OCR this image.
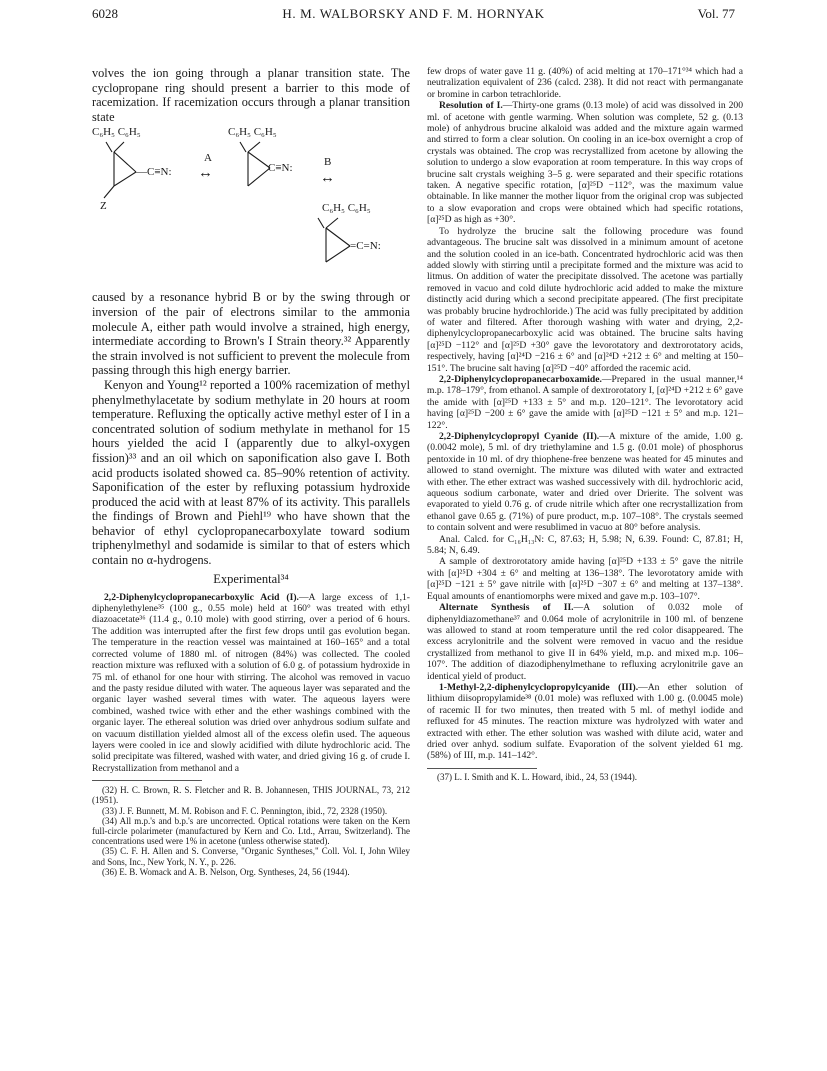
6028	H. M. WALBORSKY AND F. M. HORNYAK	Vol. 77

volves the ion going through a planar transition state. The cyclopropane ring should present a barrier to this mode of racemization. If racemization occurs through a planar transition state

C₆H₅ C₆H₅	C₆H₅ C₆H₅
C₆H₅ C₆H₅
—C≡N:	C≡N:
=C=N:
Z
A
↔
B
↔

caused by a resonance hybrid B or by the swing through or inversion of the pair of electrons similar to the ammonia molecule A, either path would involve a strained, high energy, intermediate according to Brown's I Strain theory.³² Apparently the strain involved is not sufficient to prevent the molecule from passing through this high energy barrier.

Kenyon and Young¹² reported a 100% racemization of methyl phenylmethylacetate by sodium methylate in 20 hours at room temperature. Refluxing the optically active methyl ester of I in a concentrated solution of sodium methylate in methanol for 15 hours yielded the acid I (apparently due to alkyl-oxygen fission)³³ and an oil which on saponification also gave I. Both acid products isolated showed ca. 85–90% retention of activity. Saponification of the ester by refluxing potassium hydroxide produced the acid with at least 87% of its activity. This parallels the findings of Brown and Piehl¹⁹ who have shown that the behavior of ethyl cyclopropanecarboxylate toward sodium triphenylmethyl and sodamide is similar to that of esters which contain no α-hydrogens.

Experimental³⁴

2,2-Diphenylcyclopropanecarboxylic Acid (I).—A large excess of 1,1-diphenylethylene³⁵ (100 g., 0.55 mole) held at 160° was treated with ethyl diazoacetate³⁶ (11.4 g., 0.10 mole) with good stirring, over a period of 6 hours. The addition was interrupted after the first few drops until gas evolution began. The temperature in the reaction vessel was maintained at 160–165° and a total corrected volume of 1880 ml. of nitrogen (84%) was collected. The cooled reaction mixture was refluxed with a solution of 6.0 g. of potassium hydroxide in 75 ml. of ethanol for one hour with stirring. The alcohol was removed in vacuo and the pasty residue diluted with water. The aqueous layer was separated and the organic layer washed several times with water. The aqueous layers were combined, washed twice with ether and the ether washings combined with the organic layer. The ethereal solution was dried over anhydrous sodium sulfate and on vacuum distillation yielded almost all of the excess olefin used. The aqueous layers were cooled in ice and slowly acidified with dilute hydrochloric acid. The solid precipitate was filtered, washed with water, and dried giving 16 g. of crude I. Recrystallization from methanol and a

(32) H. C. Brown, R. S. Fletcher and R. B. Johannesen, THIS JOURNAL, 73, 212 (1951).

(33) J. F. Bunnett, M. M. Robison and F. C. Pennington, ibid., 72, 2328 (1950).

(34) All m.p.'s and b.p.'s are uncorrected. Optical rotations were taken on the Kern full-circle polarimeter (manufactured by Kern and Co. Ltd., Arrau, Switzerland). The concentrations used were 1% in acetone (unless otherwise stated).

(35) C. F. H. Allen and S. Converse, "Organic Syntheses," Coll. Vol. I, John Wiley and Sons, Inc., New York, N. Y., p. 226.

(36) E. B. Womack and A. B. Nelson, Org. Syntheses, 24, 56 (1944).

few drops of water gave 11 g. (40%) of acid melting at 170–171°³⁴ which had a neutralization equivalent of 236 (calcd. 238). It did not react with permanganate or bromine in carbon tetrachloride.

Resolution of I.—Thirty-one grams (0.13 mole) of acid was dissolved in 200 ml. of acetone with gentle warming. When solution was complete, 52 g. (0.13 mole) of anhydrous brucine alkaloid was added and the mixture again warmed and stirred to form a clear solution. On cooling in an ice-box overnight a crop of crystals was obtained. The crop was recrystallized from acetone by allowing the solution to undergo a slow evaporation at room temperature. In this way crops of brucine salt crystals weighing 3–5 g. were separated and their specific rotations taken. A negative specific rotation, [α]²⁵D −112°, was the maximum value obtainable. In like manner the mother liquor from the original crop was subjected to a slow evaporation and crops were obtained which had specific rotations, [α]²⁵D as high as +30°.

To hydrolyze the brucine salt the following procedure was found advantageous. The brucine salt was dissolved in a minimum amount of acetone and the solution cooled in an ice-bath. Concentrated hydrochloric acid was then added slowly with stirring until a precipitate formed and the mixture was acid to litmus. On addition of water the precipitate dissolved. The acetone was partially removed in vacuo and cold dilute hydrochloric acid added to make the mixture distinctly acid during which a second precipitate appeared. (The first precipitate was probably brucine hydrochloride.) The acid was fully precipitated by addition of water and filtered. After thorough washing with water and drying, 2,2-diphenylcyclopropanecarboxylic acid was obtained. The brucine salts having [α]²⁵D −112° and [α]²⁵D +30° gave the levorotatory and dextrorotatory acids, respectively, having [α]²⁴D −216 ± 6° and [α]²⁴D +212 ± 6° and melting at 150–151°. The brucine salt having [α]²⁵D −40° afforded the racemic acid.

2,2-Diphenylcyclopropanecarboxamide.—Prepared in the usual manner,¹⁴ m.p. 178–179°, from ethanol. A sample of dextrorotatory I, [α]²⁴D +212 ± 6° gave the amide with [α]²⁵D +133 ± 5° and m.p. 120–121°. The levorotatory acid having [α]²⁵D −200 ± 6° gave the amide with [α]²⁵D −121 ± 5° and m.p. 121–122°.

2,2-Diphenylcyclopropyl Cyanide (II).—A mixture of the amide, 1.00 g. (0.0042 mole), 5 ml. of dry triethylamine and 1.5 g. (0.01 mole) of phosphorus pentoxide in 10 ml. of dry thiophene-free benzene was heated for 45 minutes and allowed to stand overnight. The mixture was diluted with water and extracted with ether. The ether extract was washed successively with dil. hydrochloric acid, aqueous sodium carbonate, water and dried over Drierite. The solvent was evaporated to yield 0.76 g. of crude nitrile which after one recrystallization from ethanol gave 0.65 g. (71%) of pure product, m.p. 107–108°. The crystals seemed to contain solvent and were resublimed in vacuo at 80° before analysis.

Anal. Calcd. for C₁₆H₁₃N: C, 87.63; H, 5.98; N, 6.39. Found: C, 87.81; H, 5.84; N, 6.49.

A sample of dextrorotatory amide having [α]²⁵D +133 ± 5° gave the nitrile with [α]²⁵D +304 ± 6° and melting at 136–138°. The levorotatory amide with [α]²⁵D −121 ± 5° gave nitrile with [α]²⁵D −307 ± 6° and melting at 137–138°. Equal amounts of enantiomorphs were mixed and gave m.p. 103–107°.

Alternate Synthesis of II.—A solution of 0.032 mole of diphenyldiazomethane³⁷ and 0.064 mole of acrylonitrile in 100 ml. of benzene was allowed to stand at room temperature until the red color disappeared. The excess acrylonitrile and the solvent were removed in vacuo and the residue crystallized from methanol to give II in 64% yield, m.p. and mixed m.p. 106–107°. The addition of diazodiphenylmethane to refluxing acrylonitrile gave an identical yield of product.

1-Methyl-2,2-diphenylcyclopropylcyanide (III).—An ether solution of lithium diisopropylamide³⁸ (0.01 mole) was refluxed with 1.00 g. (0.0045 mole) of racemic II for two minutes, then treated with 5 ml. of methyl iodide and refluxed for 45 minutes. The reaction mixture was hydrolyzed with water and extracted with ether. The ether solution was washed with dilute acid, water and dried over anhyd. sodium sulfate. Evaporation of the solvent yielded 61 mg. (58%) of III, m.p. 141–142°.

(37) L. I. Smith and K. L. Howard, ibid., 24, 53 (1944).
